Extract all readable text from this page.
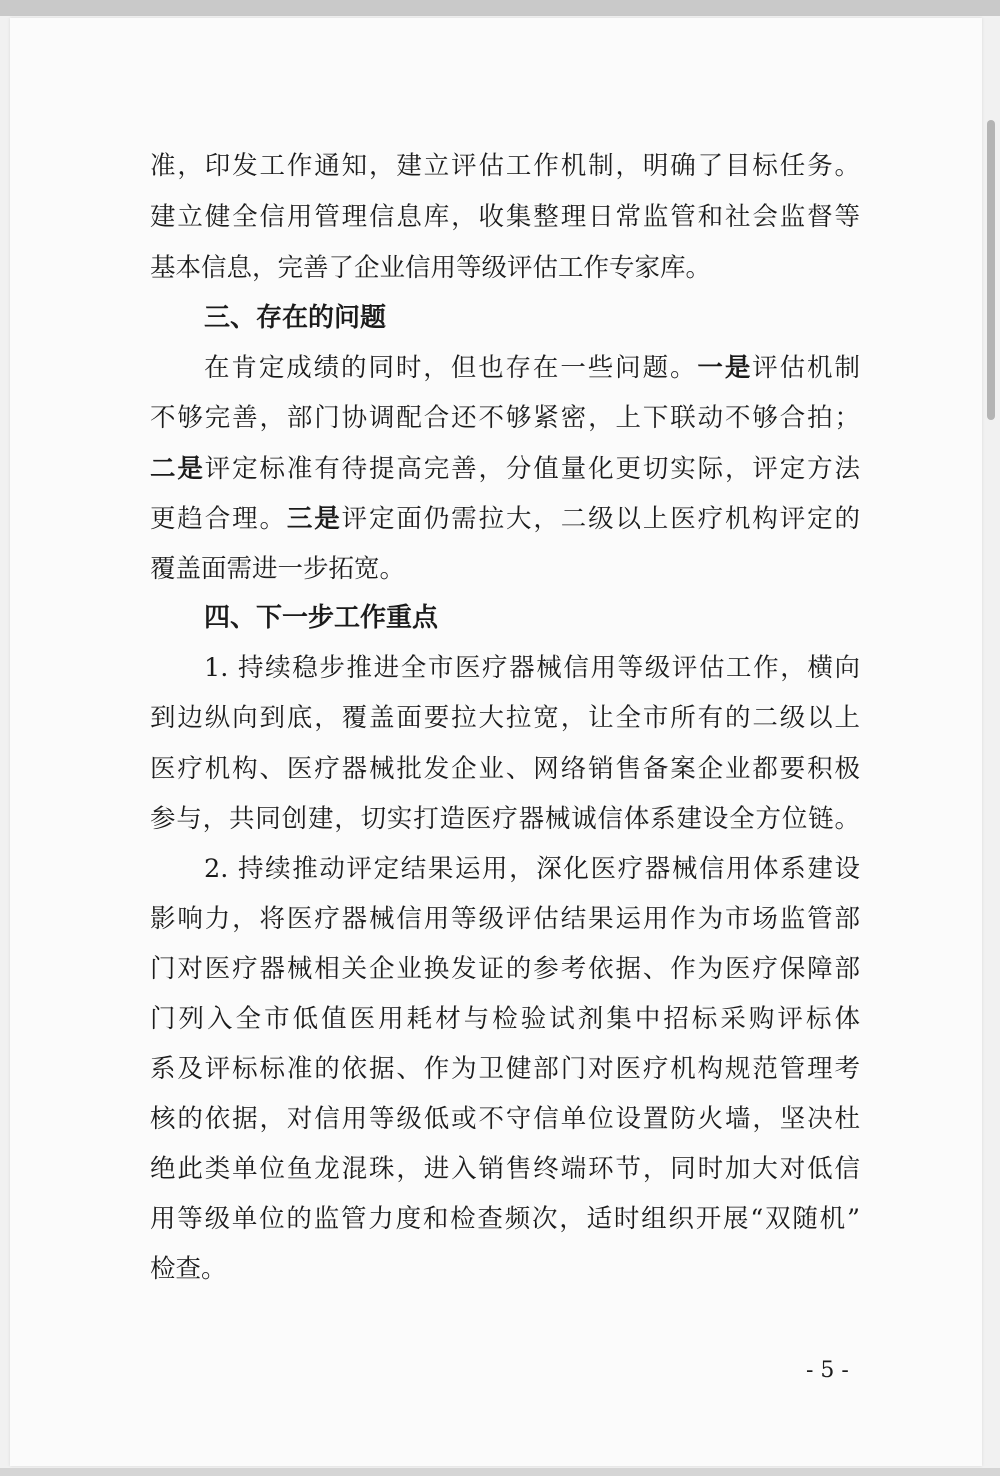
准，印发工作通知，建立评估工作机制，明确了目标任务。
建立健全信用管理信息库，收集整理日常监管和社会监督等
基本信息，完善了企业信用等级评估工作专家库。
三、存在的问题
在肯定成绩的同时，但也存在一些问题。一是评估机制
不够完善，部门协调配合还不够紧密，上下联动不够合拍；
二是评定标准有待提高完善，分值量化更切实际，评定方法
更趋合理。三是评定面仍需拉大，二级以上医疗机构评定的
覆盖面需进一步拓宽。
四、下一步工作重点
1. 持续稳步推进全市医疗器械信用等级评估工作，横向
到边纵向到底，覆盖面要拉大拉宽，让全市所有的二级以上
医疗机构、医疗器械批发企业、网络销售备案企业都要积极
参与，共同创建，切实打造医疗器械诚信体系建设全方位链。
2. 持续推动评定结果运用，深化医疗器械信用体系建设
影响力，将医疗器械信用等级评估结果运用作为市场监管部
门对医疗器械相关企业换发证的参考依据、作为医疗保障部
门列入全市低值医用耗材与检验试剂集中招标采购评标体
系及评标标准的依据、作为卫健部门对医疗机构规范管理考
核的依据，对信用等级低或不守信单位设置防火墙，坚决杜
绝此类单位鱼龙混珠，进入销售终端环节，同时加大对低信
用等级单位的监管力度和检查频次，适时组织开展“双随机”
检查。
- 5 -
